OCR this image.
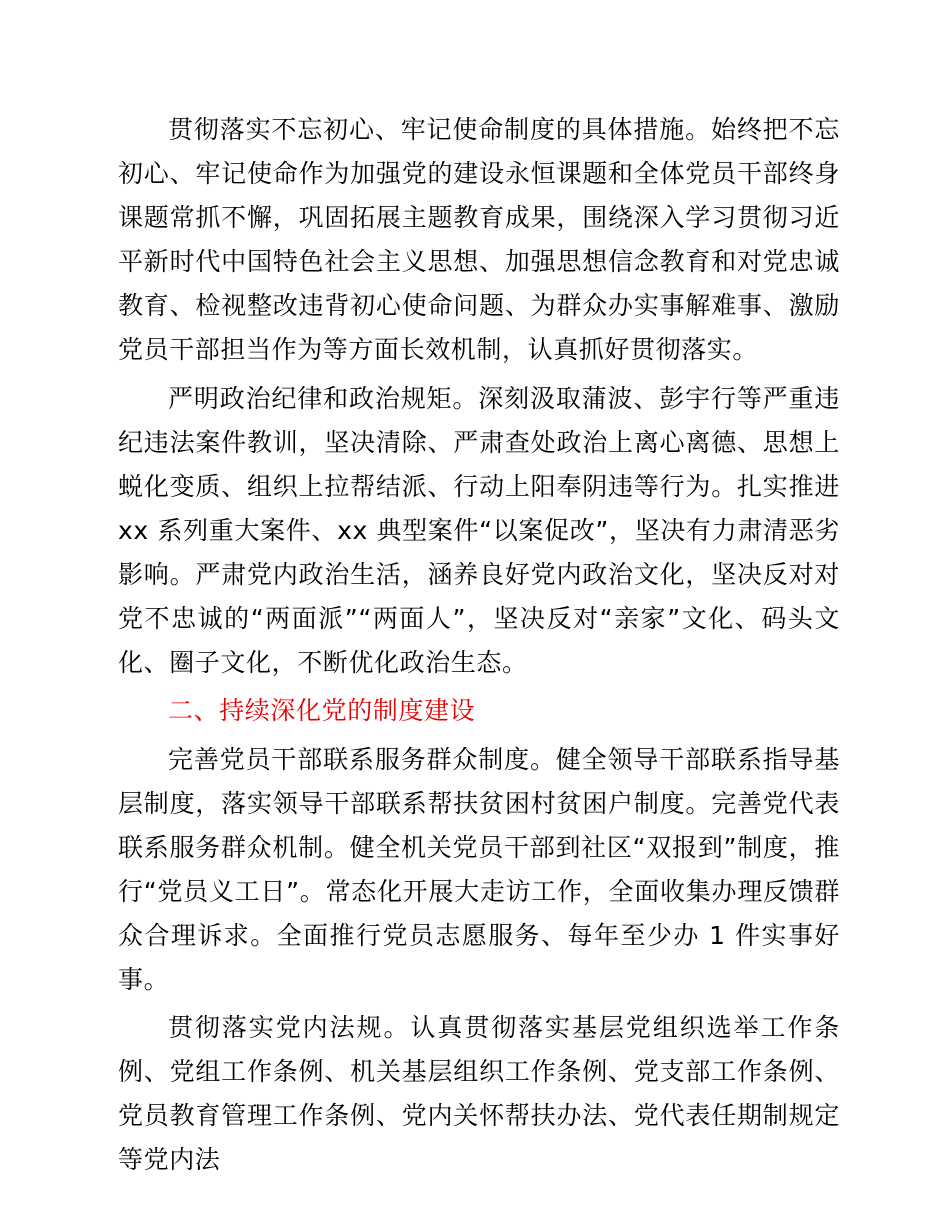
贯彻落实不忘初心、牢记使命制度的具体措施。始终把不忘初心、牢记使命作为加强党的建设永恒课题和全体党员干部终身课题常抓不懈，巩固拓展主题教育成果，围绕深入学习贯彻习近平新时代中国特色社会主义思想、加强思想信念教育和对党忠诚教育、检视整改违背初心使命问题、为群众办实事解难事、激励党员干部担当作为等方面长效机制，认真抓好贯彻落实。

严明政治纪律和政治规矩。深刻汲取蒲波、彭宇行等严重违纪违法案件教训，坚决清除、严肃查处政治上离心离德、思想上蜕化变质、组织上拉帮结派、行动上阳奉阴违等行为。扎实推进 xx 系列重大案件、xx 典型案件“以案促改”，坚决有力肃清恶劣影响。严肃党内政治生活，涵养良好党内政治文化，坚决反对对党不忠诚的“两面派”“两面人”，坚决反对“亲家”文化、码头文化、圈子文化，不断优化政治生态。

二、持续深化党的制度建设

完善党员干部联系服务群众制度。健全领导干部联系指导基层制度，落实领导干部联系帮扶贫困村贫困户制度。完善党代表联系服务群众机制。健全机关党员干部到社区“双报到”制度，推行“党员义工日”。常态化开展大走访工作，全面收集办理反馈群众合理诉求。全面推行党员志愿服务、每年至少办 1 件实事好事。

贯彻落实党内法规。认真贯彻落实基层党组织选举工作条例、党组工作条例、机关基层组织工作条例、党支部工作条例、党员教育管理工作条例、党内关怀帮扶办法、党代表任期制规定等党内法
